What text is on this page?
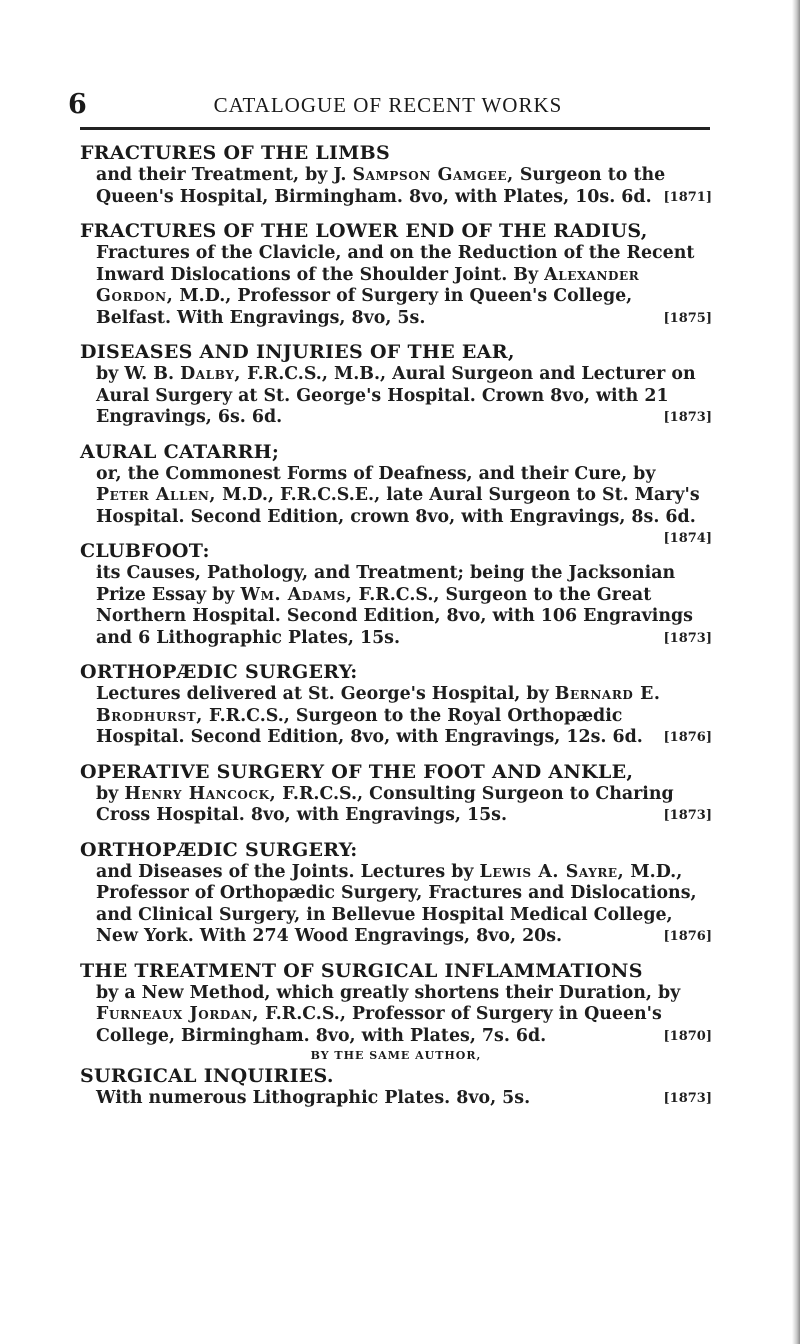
6	CATALOGUE OF RECENT WORKS

FRACTURES OF THE LIMBS

and their Treatment, by J. Sampson Gamgee, Surgeon to the Queen's Hospital, Birmingham. 8vo, with Plates, 10s. 6d. [1871]

FRACTURES OF THE LOWER END OF THE RADIUS,

Fractures of the Clavicle, and on the Reduction of the Recent Inward Dislocations of the Shoulder Joint. By Alexander Gordon, M.D., Professor of Surgery in Queen's College, Belfast. With Engravings, 8vo, 5s.	[1875]

DISEASES AND INJURIES OF THE EAR,

by W. B. Dalby, F.R.C.S., M.B., Aural Surgeon and Lecturer on Aural Surgery at St. George's Hospital. Crown 8vo, with 21 Engravings, 6s. 6d.	[1873]

AURAL CATARRH;

or, the Commonest Forms of Deafness, and their Cure, by Peter Allen, M.D., F.R.C.S.E., late Aural Surgeon to St. Mary's Hospital. Second Edition, crown 8vo, with Engravings, 8s. 6d.
[1874]

CLUBFOOT:

its Causes, Pathology, and Treatment; being the Jacksonian Prize Essay by Wm. Adams, F.R.C.S., Surgeon to the Great Northern Hospital. Second Edition, 8vo, with 106 Engravings and 6 Lithographic Plates, 15s.	[1873]

ORTHOPÆDIC SURGERY:

Lectures delivered at St. George's Hospital, by Bernard E. Brodhurst, F.R.C.S., Surgeon to the Royal Orthopædic Hospital. Second Edition, 8vo, with Engravings, 12s. 6d. [1876]

OPERATIVE SURGERY OF THE FOOT AND ANKLE,

by Henry Hancock, F.R.C.S., Consulting Surgeon to Charing Cross Hospital. 8vo, with Engravings, 15s.	[1873]

ORTHOPÆDIC SURGERY:

and Diseases of the Joints. Lectures by Lewis A. Sayre, M.D., Professor of Orthopædic Surgery, Fractures and Dislocations, and Clinical Surgery, in Bellevue Hospital Medical College, New York. With 274 Wood Engravings, 8vo, 20s.	[1876]

THE TREATMENT OF SURGICAL INFLAMMATIONS

by a New Method, which greatly shortens their Duration, by Furneaux Jordan, F.R.C.S., Professor of Surgery in Queen's College, Birmingham. 8vo, with Plates, 7s. 6d.	[1870]

BY THE SAME AUTHOR,

SURGICAL INQUIRIES.

With numerous Lithographic Plates. 8vo, 5s.	[1873]
